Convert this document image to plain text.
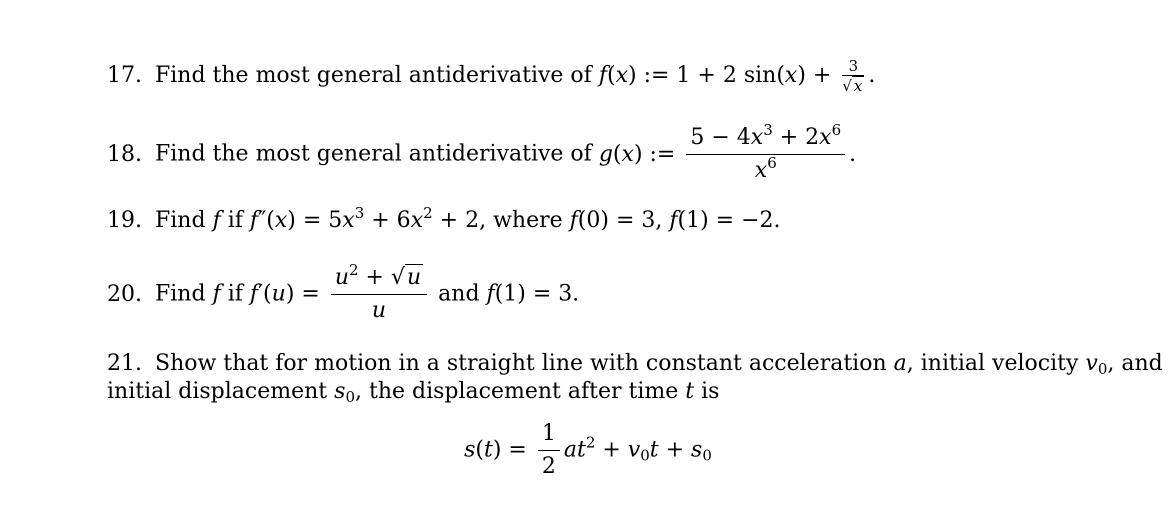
17. Find the most general antiderivative of f(x) := 1 + 2 $\sin(x) + \frac{3}{√ x}$ .
18. Find the most general antiderivative of g(x) := $\frac{5 - 4x^3 + 2x^6}{x^6}$ .
19. Find f if $f''(x) = 5x^3 + 6x^2 + 2$, where f(0) = 3, f(1) = −2.
20. Find f if $f'(u) = \frac{u^2 + √u}{u}$ and f(1) = 3.
21. Show that for motion in a straight line with constant acceleration a, initial velocity $v_0$, and
initial displacement $s_0$, the displacement after time t is
$s(t) = \frac{1}{2} at^2 + v_0t + s_0$
